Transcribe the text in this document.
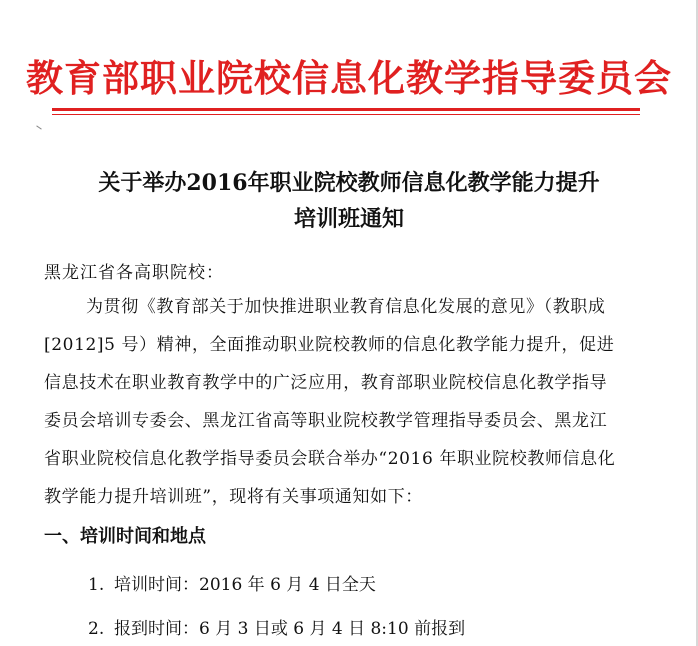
教育部职业院校信息化教学指导委员会
关于举办2016年职业院校教师信息化教学能力提升
培训班通知
黑龙江省各高职院校：
为贯彻《教育部关于加快推进职业教育信息化发展的意见》（教职成
[2012]5 号）精神，全面推动职业院校教师的信息化教学能力提升，促进
信息技术在职业教育教学中的广泛应用，教育部职业院校信息化教学指导
委员会培训专委会、黑龙江省高等职业院校教学管理指导委员会、黑龙江
省职业院校信息化教学指导委员会联合举办“2016 年职业院校教师信息化
教学能力提升培训班”，现将有关事项通知如下：
一、培训时间和地点
1. 培训时间：2016 年 6 月 4 日全天
2. 报到时间：6 月 3 日或 6 月 4 日 8:10 前报到
